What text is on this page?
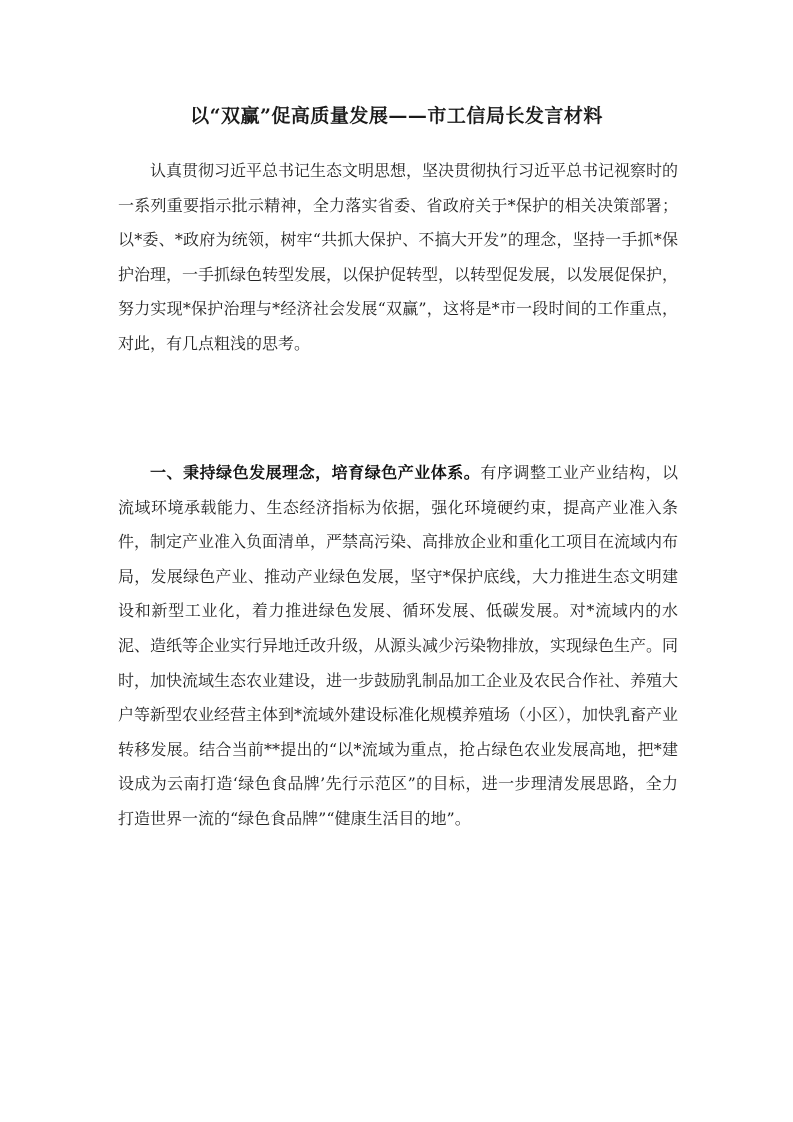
以“双赢”促高质量发展——市工信局长发言材料

认真贯彻习近平总书记生态文明思想，坚决贯彻执行习近平总书记视察时的一系列重要指示批示精神，全力落实省委、省政府关于*保护的相关决策部署；以*委、*政府为统领，树牢“共抓大保护、不搞大开发”的理念，坚持一手抓*保护治理，一手抓绿色转型发展，以保护促转型，以转型促发展，以发展促保护，努力实现*保护治理与*经济社会发展“双赢”，这将是*市一段时间的工作重点，对此，有几点粗浅的思考。

一、秉持绿色发展理念，培育绿色产业体系。有序调整工业产业结构，以流域环境承载能力、生态经济指标为依据，强化环境硬约束，提高产业准入条件，制定产业准入负面清单，严禁高污染、高排放企业和重化工项目在流域内布局，发展绿色产业、推动产业绿色发展，坚守*保护底线，大力推进生态文明建设和新型工业化，着力推进绿色发展、循环发展、低碳发展。对*流域内的水泥、造纸等企业实行异地迁改升级，从源头减少污染物排放，实现绿色生产。同时，加快流域生态农业建设，进一步鼓励乳制品加工企业及农民合作社、养殖大户等新型农业经营主体到*流域外建设标准化规模养殖场（小区），加快乳畜产业转移发展。结合当前**提出的“以*流域为重点，抢占绿色农业发展高地，把*建设成为云南打造‘绿色食品牌’先行示范区”的目标，进一步理清发展思路，全力打造世界一流的“绿色食品牌”“健康生活目的地”。
